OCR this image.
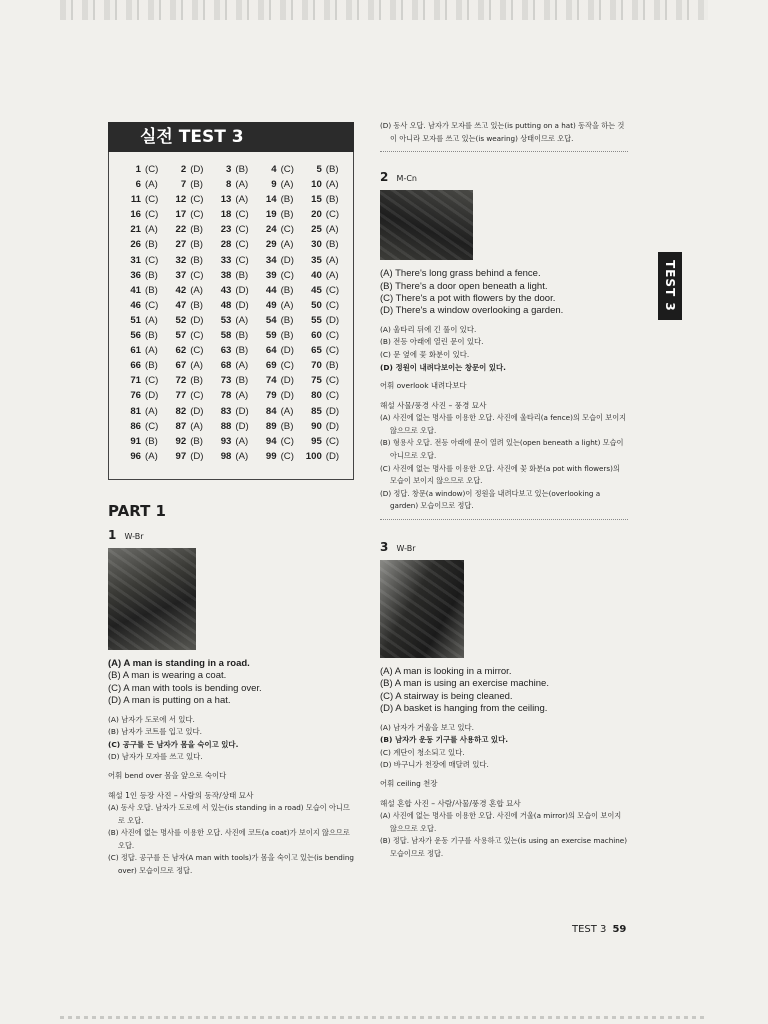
실전 TEST 3
1 (C)	2 (D)	3 (B)	4 (C)	5 (B)
6 (A)	7 (B)	8 (A)	9 (A)	10 (A)
11 (C)	12 (C)	13 (A)	14 (B)	15 (B)
16 (C)	17 (C)	18 (C)	19 (B)	20 (C)
21 (A)	22 (B)	23 (C)	24 (C)	25 (A)
26 (B)	27 (B)	28 (C)	29 (A)	30 (B)
31 (C)	32 (B)	33 (C)	34 (D)	35 (A)
36 (B)	37 (C)	38 (B)	39 (C)	40 (A)
41 (B)	42 (A)	43 (D)	44 (B)	45 (C)
46 (C)	47 (B)	48 (D)	49 (A)	50 (C)
51 (A)	52 (D)	53 (A)	54 (B)	55 (D)
56 (B)	57 (C)	58 (B)	59 (B)	60 (C)
61 (A)	62 (C)	63 (B)	64 (D)	65 (C)
66 (B)	67 (A)	68 (A)	69 (C)	70 (B)
71 (C)	72 (B)	73 (B)	74 (D)	75 (C)
76 (D)	77 (C)	78 (A)	79 (D)	80 (C)
81 (A)	82 (D)	83 (D)	84 (A)	85 (D)
86 (C)	87 (A)	88 (D)	89 (B)	90 (D)
91 (B)	92 (B)	93 (A)	94 (C)	95 (C)
96 (A)	97 (D)	98 (A)	99 (C)	100 (D)
PART 1
1 W-Br
(A) A man is standing in a road.
(B) A man is wearing a coat.
(C) A man with tools is bending over.
(D) A man is putting on a hat.
(A) 남자가 도로에 서 있다.
(B) 남자가 코트를 입고 있다.
(C) 공구를 든 남자가 몸을 숙이고 있다.
(D) 남자가 모자를 쓰고 있다.
어휘 bend over 몸을 앞으로 숙이다
해설 1인 등장 사진 – 사람의 동작/상태 묘사
(A) 동사 오답. 남자가 도로에 서 있는(is standing in a road) 모습이 아니므로 오답.
(B) 사진에 없는 명사를 이용한 오답. 사진에 코트(a coat)가 보이지 않으므로 오답.
(C) 정답. 공구를 든 남자(A man with tools)가 몸을 숙이고 있는(is bending over) 모습이므로 정답.
(D) 동사 오답. 남자가 모자를 쓰고 있는(is putting on a hat) 동작을 하는 것이 아니라 모자를 쓰고 있는(is wearing) 상태이므로 오답.
2 M-Cn
(A) There's long grass behind a fence.
(B) There's a door open beneath a light.
(C) There's a pot with flowers by the door.
(D) There's a window overlooking a garden.
(A) 울타리 뒤에 긴 풀이 있다.
(B) 전등 아래에 열린 문이 있다.
(C) 문 옆에 꽃 화분이 있다.
(D) 정원이 내려다보이는 창문이 있다.
어휘 overlook 내려다보다
해설 사물/풍경 사진 – 풍경 묘사
(A) 사진에 없는 명사를 이용한 오답. 사진에 울타리(a fence)의 모습이 보이지 않으므로 오답.
(B) 형용사 오답. 전등 아래에 문이 열려 있는(open beneath a light) 모습이 아니므로 오답.
(C) 사진에 없는 명사를 이용한 오답. 사진에 꽃 화분(a pot with flowers)의 모습이 보이지 않으므로 오답.
(D) 정답. 창문(a window)이 정원을 내려다보고 있는(overlooking a garden) 모습이므로 정답.
3 W-Br
(A) A man is looking in a mirror.
(B) A man is using an exercise machine.
(C) A stairway is being cleaned.
(D) A basket is hanging from the ceiling.
(A) 남자가 거울을 보고 있다.
(B) 남자가 운동 기구를 사용하고 있다.
(C) 계단이 청소되고 있다.
(D) 바구니가 천장에 매달려 있다.
어휘 ceiling 천장
해설 혼합 사진 – 사람/사물/풍경 혼합 묘사
(A) 사진에 없는 명사를 이용한 오답. 사진에 거울(a mirror)의 모습이 보이지 않으므로 오답.
(B) 정답. 남자가 운동 기구를 사용하고 있는(is using an exercise machine) 모습이므로 정답.
TEST 3
TEST 3 59
